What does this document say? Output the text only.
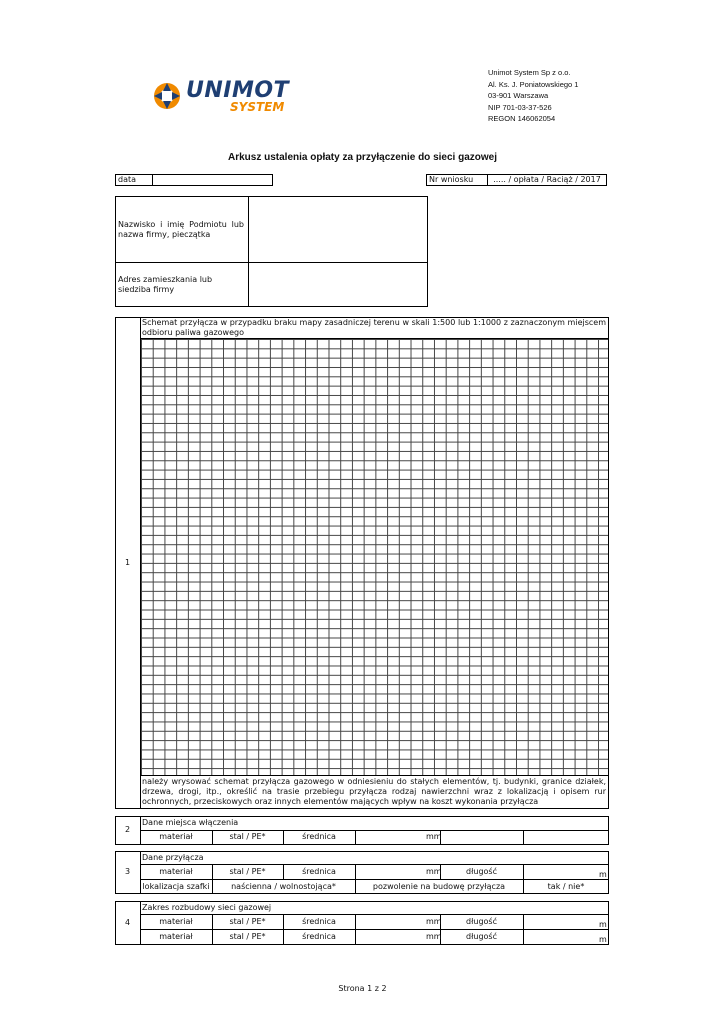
UNIMOT
SYSTEM
Unimot System Sp z o.o.
Al. Ks. J. Poniatowskiego 1
03-901 Warszawa
NIP 701-03-37-526
REGON 146062054
Arkusz ustalenia opłaty za przyłączenie do sieci gazowej
data	Nr wniosku	..... / opłata / Raciąż / 2017
Nazwisko i imię Podmiotu lub nazwa firmy, pieczątka
Adres zamieszkania lub siedziba firmy
1
Schemat przyłącza w przypadku braku mapy zasadniczej terenu w skali 1:500 lub 1:1000 z zaznaczonym miejscem odbioru paliwa gazowego
należy wrysować schemat przyłącza gazowego w odniesieniu do stałych elementów, tj. budynki, granice działek, drzewa, drogi, itp., określić na trasie przebiegu przyłącza rodzaj nawierzchni wraz z lokalizacją i opisem rur ochronnych, przeciskowych oraz innych elementów mających wpływ na koszt wykonania przyłącza
2
Dane miejsca włączenia
materiał	stal / PE*	średnica	mm
3
Dane przyłącza
materiał	stal / PE*	średnica	mm	długość	m
lokalizacja szafki	naścienna / wolnostojąca*	pozwolenie na budowę przyłącza	tak / nie*
4
Zakres rozbudowy sieci gazowej
materiał	stal / PE*	średnica	mm	długość	m
materiał	stal / PE*	średnica	mm	długość	m
Strona 1 z 2
